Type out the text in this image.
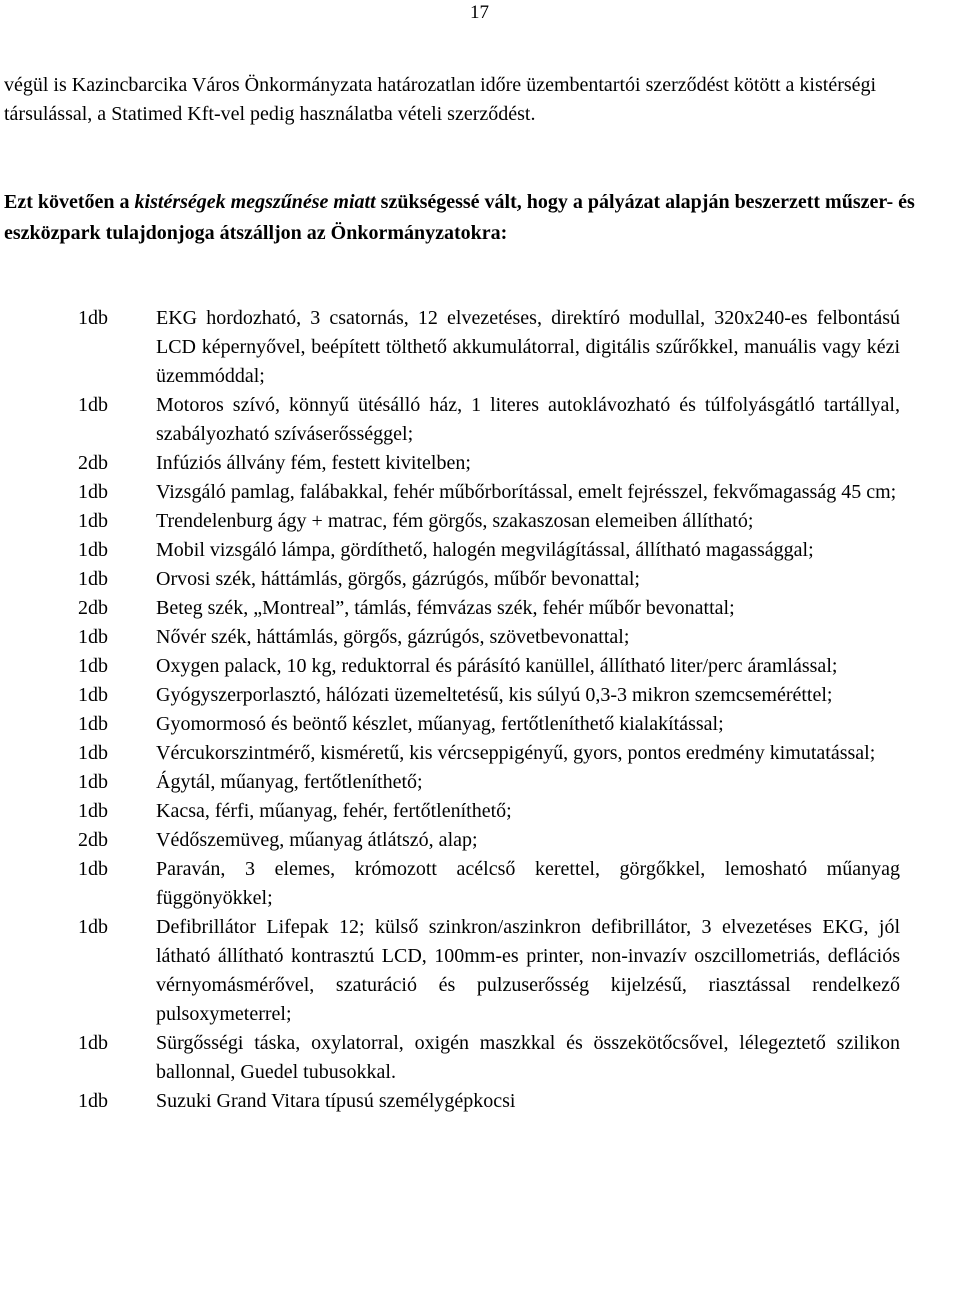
17

végül is Kazincbarcika Város Önkormányzata határozatlan időre üzembentartói szerződést kötött a kistérségi társulással, a Statimed Kft-vel pedig használatba vételi szerződést.

Ezt követően a kistérségek megszűnése miatt szükségessé vált, hogy a pályázat alapján beszerzett műszer- és eszközpark tulajdonjoga átszálljon az Önkormányzatokra:

1db	EKG hordozható, 3 csatornás, 12 elvezetéses, direktíró modullal, 320x240-es felbontású LCD képernyővel, beépített tölthető akkumulátorral, digitális szűrőkkel, manuális vagy kézi üzemmóddal;
1db	Motoros szívó, könnyű ütésálló ház, 1 literes autoklávozható és túlfolyásgátló tartállyal, szabályozható szíváserősséggel;
2db	Infúziós állvány fém, festett kivitelben;
1db	Vizsgáló pamlag, falábakkal, fehér műbőrborítással, emelt fejrésszel, fekvőmagasság 45 cm;
1db	Trendelenburg ágy + matrac, fém görgős, szakaszosan elemeiben állítható;
1db	Mobil vizsgáló lámpa, gördíthető, halogén megvilágítással, állítható magassággal;
1db	Orvosi szék, háttámlás, görgős, gázrúgós, műbőr bevonattal;
2db	Beteg szék, „Montreal”, támlás, fémvázas szék, fehér műbőr bevonattal;
1db	Nővér szék, háttámlás, görgős, gázrúgós, szövetbevonattal;
1db	Oxygen palack, 10 kg, reduktorral és párásító kanüllel, állítható liter/perc áramlással;
1db	Gyógyszerporlasztó, hálózati üzemeltetésű, kis súlyú 0,3-3 mikron szemcseméréttel;
1db	Gyomormosó és beöntő készlet, műanyag, fertőtleníthető kialakítással;
1db	Vércukorszintmérő, kisméretű, kis vércseppigényű, gyors, pontos eredmény kimutatással;
1db	Ágytál, műanyag, fertőtleníthető;
1db	Kacsa, férfi, műanyag, fehér, fertőtleníthető;
2db	Védőszemüveg, műanyag átlátszó, alap;
1db	Paraván, 3 elemes, krómozott acélcső kerettel, görgőkkel, lemosható műanyag függönyökkel;
1db	Defibrillátor Lifepak 12; külső szinkron/aszinkron defibrillátor, 3 elvezetéses EKG, jól látható állítható kontrasztú LCD, 100mm-es printer, non-invazív oszcillometriás, deflációs vérnyomásmérővel, szaturáció és pulzuserősség kijelzésű, riasztással rendelkező pulsoxymeterrel;
1db	Sürgősségi táska, oxylatorral, oxigén maszkkal és összekötőcsővel, lélegeztető szilikon ballonnal, Guedel tubusokkal.
1db	Suzuki Grand Vitara típusú személygépkocsi
